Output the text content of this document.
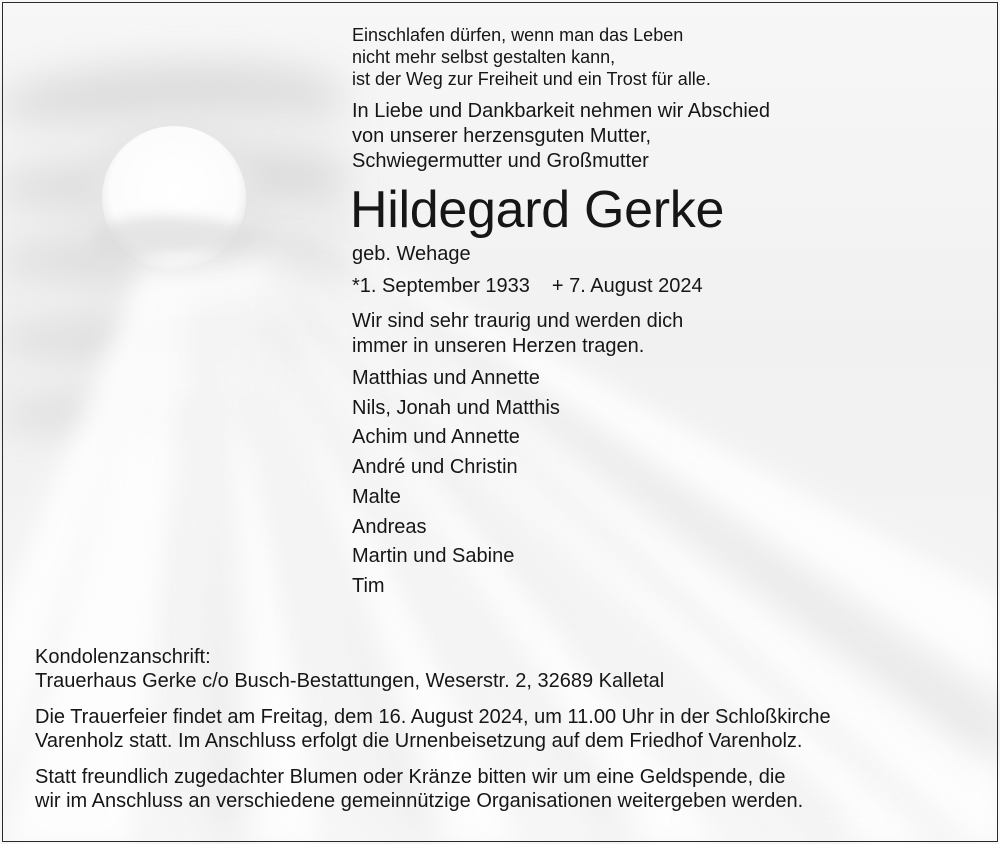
Einschlafen dürfen, wenn man das Leben
nicht mehr selbst gestalten kann,
ist der Weg zur Freiheit und ein Trost für alle.

In Liebe und Dankbarkeit nehmen wir Abschied
von unserer herzensguten Mutter,
Schwiegermutter und Großmutter

Hildegard Gerke

geb. Wehage

*1. September 1933 + 7. August 2024

Wir sind sehr traurig und werden dich
immer in unseren Herzen tragen.

Matthias und Annette
Nils, Jonah und Matthis
Achim und Annette
André und Christin
Malte
Andreas
Martin und Sabine
Tim

Kondolenzanschrift:
Trauerhaus Gerke c/o Busch-Bestattungen, Weserstr. 2, 32689 Kalletal

Die Trauerfeier findet am Freitag, dem 16. August 2024, um 11.00 Uhr in der Schloßkirche
Varenholz statt. Im Anschluss erfolgt die Urnenbeisetzung auf dem Friedhof Varenholz.

Statt freundlich zugedachter Blumen oder Kränze bitten wir um eine Geldspende, die
wir im Anschluss an verschiedene gemeinnützige Organisationen weitergeben werden.
